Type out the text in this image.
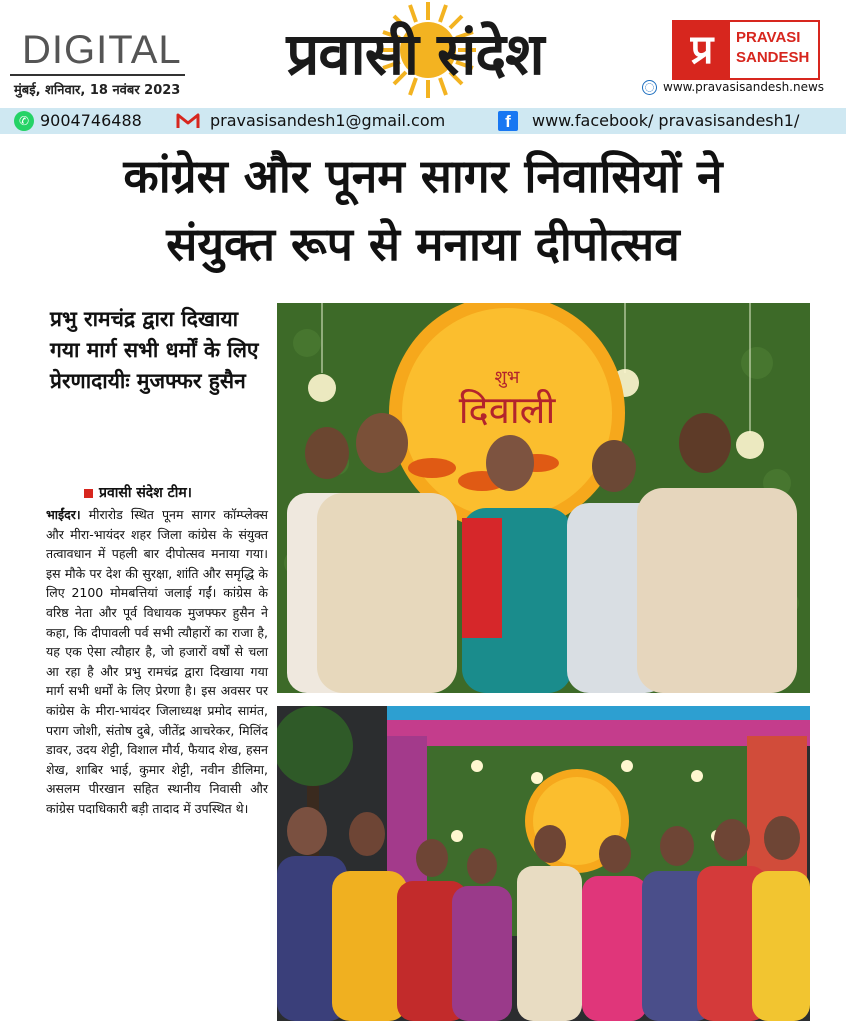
DIGITAL
मुंबई, शनिवार, 18 नवंबर 2023
प्रवासी संदेश	प्र	PRAVASI
SANDESH
www.pravasisandesh.news
✆ 9004746488	pravasisandesh1@gmail.com	f	www.facebook/ pravasisandesh1/
कांग्रेस और पूनम सागर निवासियों ने
संयुक्त रूप से मनाया दीपोत्सव
प्रभु रामचंद्र द्वारा दिखाया गया मार्ग सभी धर्मों के लिए प्रेरणादायीः मुजफ्फर हुसैन
प्रवासी संदेश टीम।
भाईंदर। मीरारोड स्थित पूनम सागर कॉम्प्लेक्स और मीरा-भायंदर शहर जिला कांग्रेस के संयुक्त तत्वावधान में पहली बार दीपोत्सव मनाया गया। इस मौके पर देश की सुरक्षा, शांति और समृद्धि के लिए 2100 मोमबत्तियां जलाई गईं। कांग्रेस के वरिष्ठ नेता और पूर्व विधायक मुजफ्फर हुसैन ने कहा, कि दीपावली पर्व सभी त्यौहारों का राजा है, यह एक ऐसा त्यौहार है, जो हजारों वर्षों से चला आ रहा है और प्रभु रामचंद्र द्वारा दिखाया गया मार्ग सभी धर्मों के लिए प्रेरणा है। इस अवसर पर कांग्रेस के मीरा-भायंदर जिलाध्यक्ष प्रमोद सामंत, पराग जोशी, संतोष दुबे, जीतेंद्र आचरेकर, मिलिंद डावर, उदय शेट्टी, विशाल मौर्य, फैयाद शेख, हसन शेख, शाबिर भाई, कुमार शेट्टी, नवीन डीलिमा, असलम पीरखान सहित स्थानीय निवासी और कांग्रेस पदाधिकारी बड़ी तादाद में उपस्थित थे।
शुभ
दिवाली
